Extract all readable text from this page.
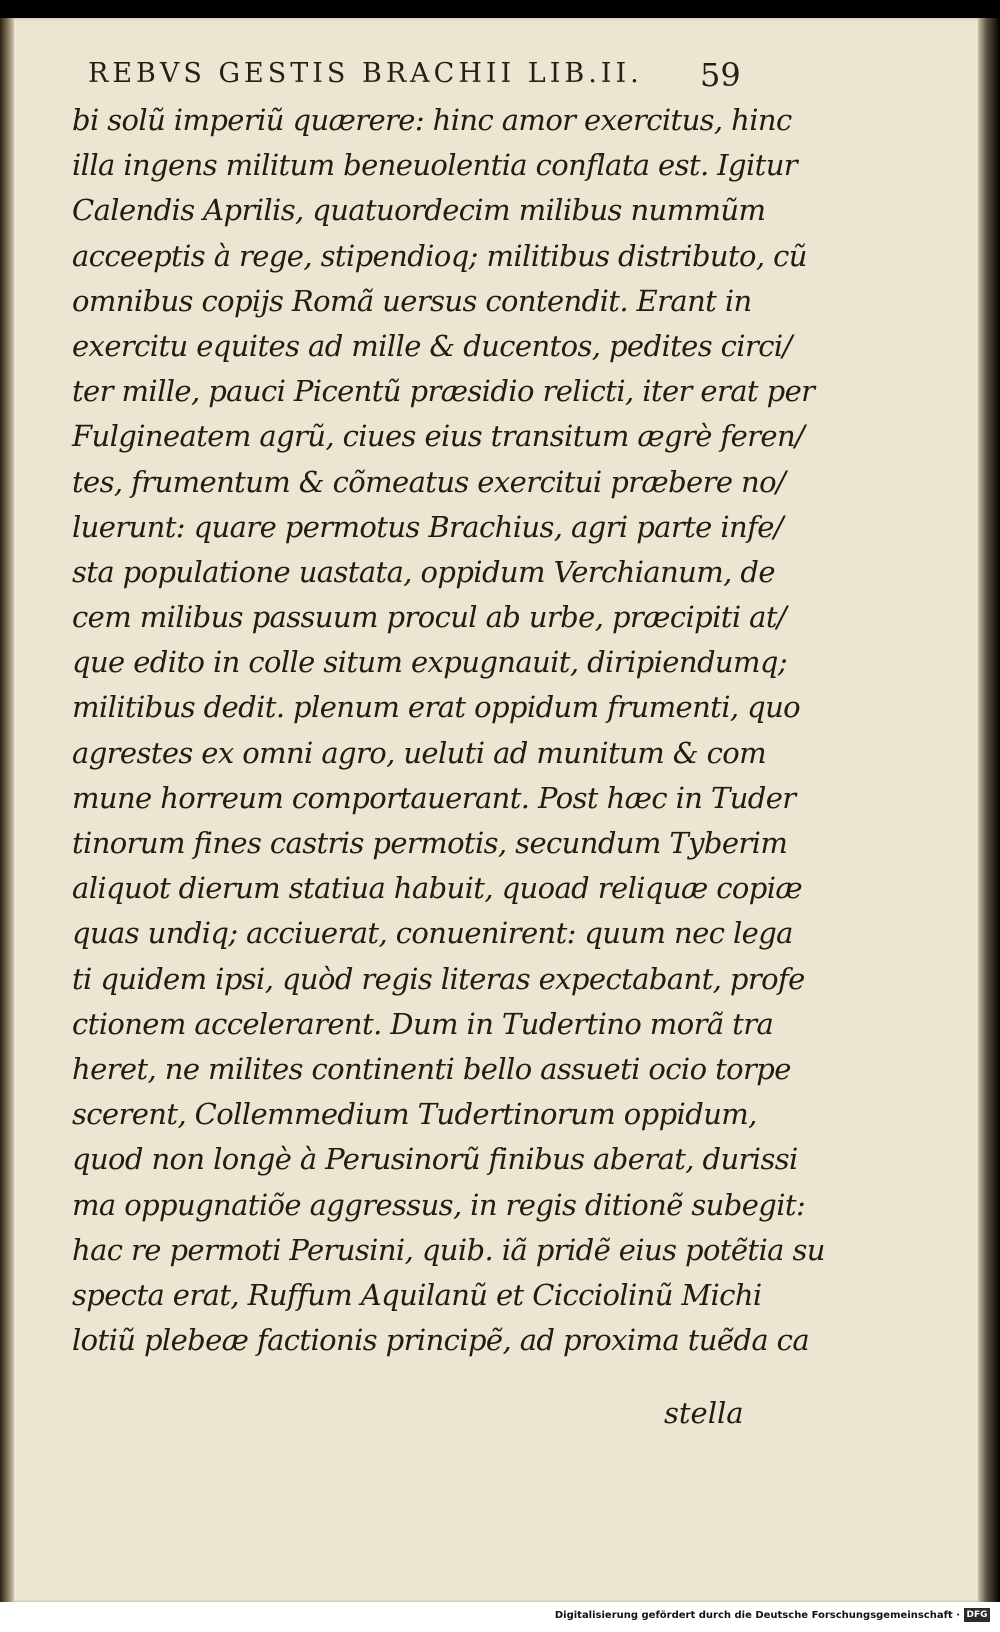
REBVS GESTIS BRACHII LIB.II.	59
bi solũ imperiũ quærere: hinc amor exercitus, hinc
illa ingens militum beneuolentia conflata est. Igitur
Calendis Aprilis, quatuordecim milibus nummũm
acceeptis à rege, stipendioq; militibus distributo, cũ
omnibus copijs Romã uersus contendit. Erant in
exercitu equites ad mille & ducentos, pedites circi/
ter mille, pauci Picentũ præsidio relicti, iter erat per
Fulgineatem agrũ, ciues eius transitum ægrè feren/
tes, frumentum & cõmeatus exercitui præbere no/
luerunt: quare permotus Brachius, agri parte infe/
sta populatione uastata, oppidum Verchianum, de
cem milibus passuum procul ab urbe, præcipiti at/
que edito in colle situm expugnauit, diripiendumq;
militibus dedit. plenum erat oppidum frumenti, quo
agrestes ex omni agro, ueluti ad munitum & com
mune horreum comportauerant. Post hæc in Tuder
tinorum fines castris permotis, secundum Tyberim
aliquot dierum statiua habuit, quoad reliquæ copiæ
quas undiq; acciuerat, conuenirent: quum nec lega
ti quidem ipsi, quòd regis literas expectabant, profe
ctionem accelerarent. Dum in Tudertino morã tra
heret, ne milites continenti bello assueti ocio torpe
scerent, Collemmedium Tudertinorum oppidum,
quod non longè à Perusinorũ finibus aberat, durissi
ma oppugnatiõe aggressus, in regis ditionẽ subegit:
hac re permoti Perusini, quib. iã pridẽ eius potẽtia su
specta erat, Ruffum Aquilanũ et Cicciolinũ Michi
lotiũ plebeæ factionis principẽ, ad proxima tuẽda ca
stella
Digitalisierung gefördert durch die Deutsche Forschungsgemeinschaft · DFG
